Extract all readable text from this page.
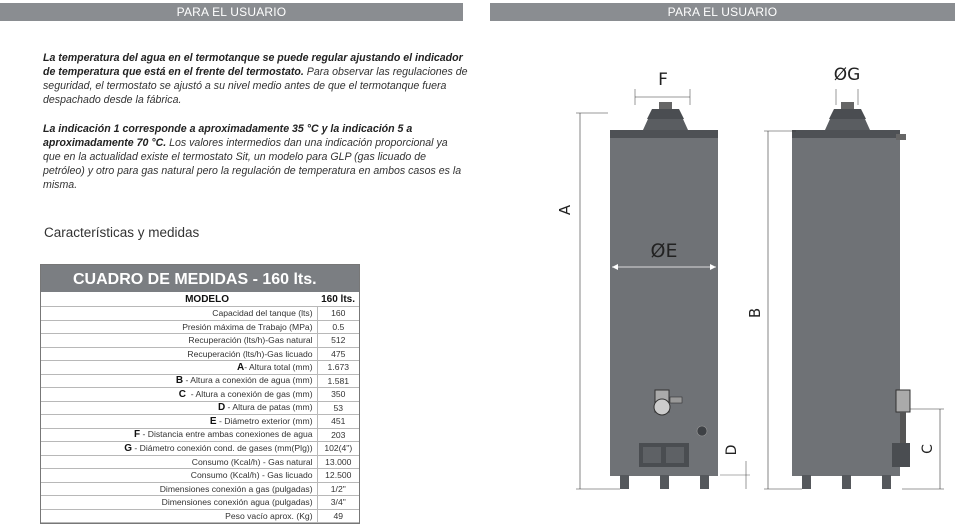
PARA EL USUARIO	PARA EL USUARIO
La temperatura del agua en el termotanque se puede regular ajustando el indicador de temperatura que está en el frente del termostato. Para observar las regulaciones de seguridad, el termostato se ajustó a su nivel medio antes de que el termotanque fuera despachado desde la fábrica.
La indicación 1 corresponde a aproximadamente 35 °C y la indicación 5 a aproximadamente 70 °C. Los valores intermedios dan una indicación proporcional ya que en la actualidad existe el termostato Sit, un modelo para GLP (gas licuado de petróleo) y otro para gas natural pero la regulación de temperatura en ambos casos es la misma.
Características y medidas
CUADRO DE MEDIDAS - 160 lts.
MODELO	160 lts.
Capacidad del tanque (lts)	160
Presión máxima de Trabajo (MPa)	0.5
Recuperación (lts/h)-Gas natural	512
Recuperación (lts/h)-Gas licuado	475
A- Altura total (mm)	1.673
B - Altura a conexión de agua (mm)	1.581
C  - Altura a conexión de gas (mm)	350
D - Altura de patas (mm)	53
E - Diámetro exterior (mm)	451
F - Distancia entre ambas conexiones de agua	203
G - Diámetro conexión cond. de gases (mm(Plg))	102(4")
Consumo (Kcal/h) - Gas natural	13.000
Consumo (Kcal/h) - Gas licuado	12.500
Dimensiones conexión a gas (pulgadas)	1/2"
Dimensiones conexión agua (pulgadas)	3/4"
Peso vacío aprox. (Kg)	49
A
ØE
F
D
B
C
ØG
